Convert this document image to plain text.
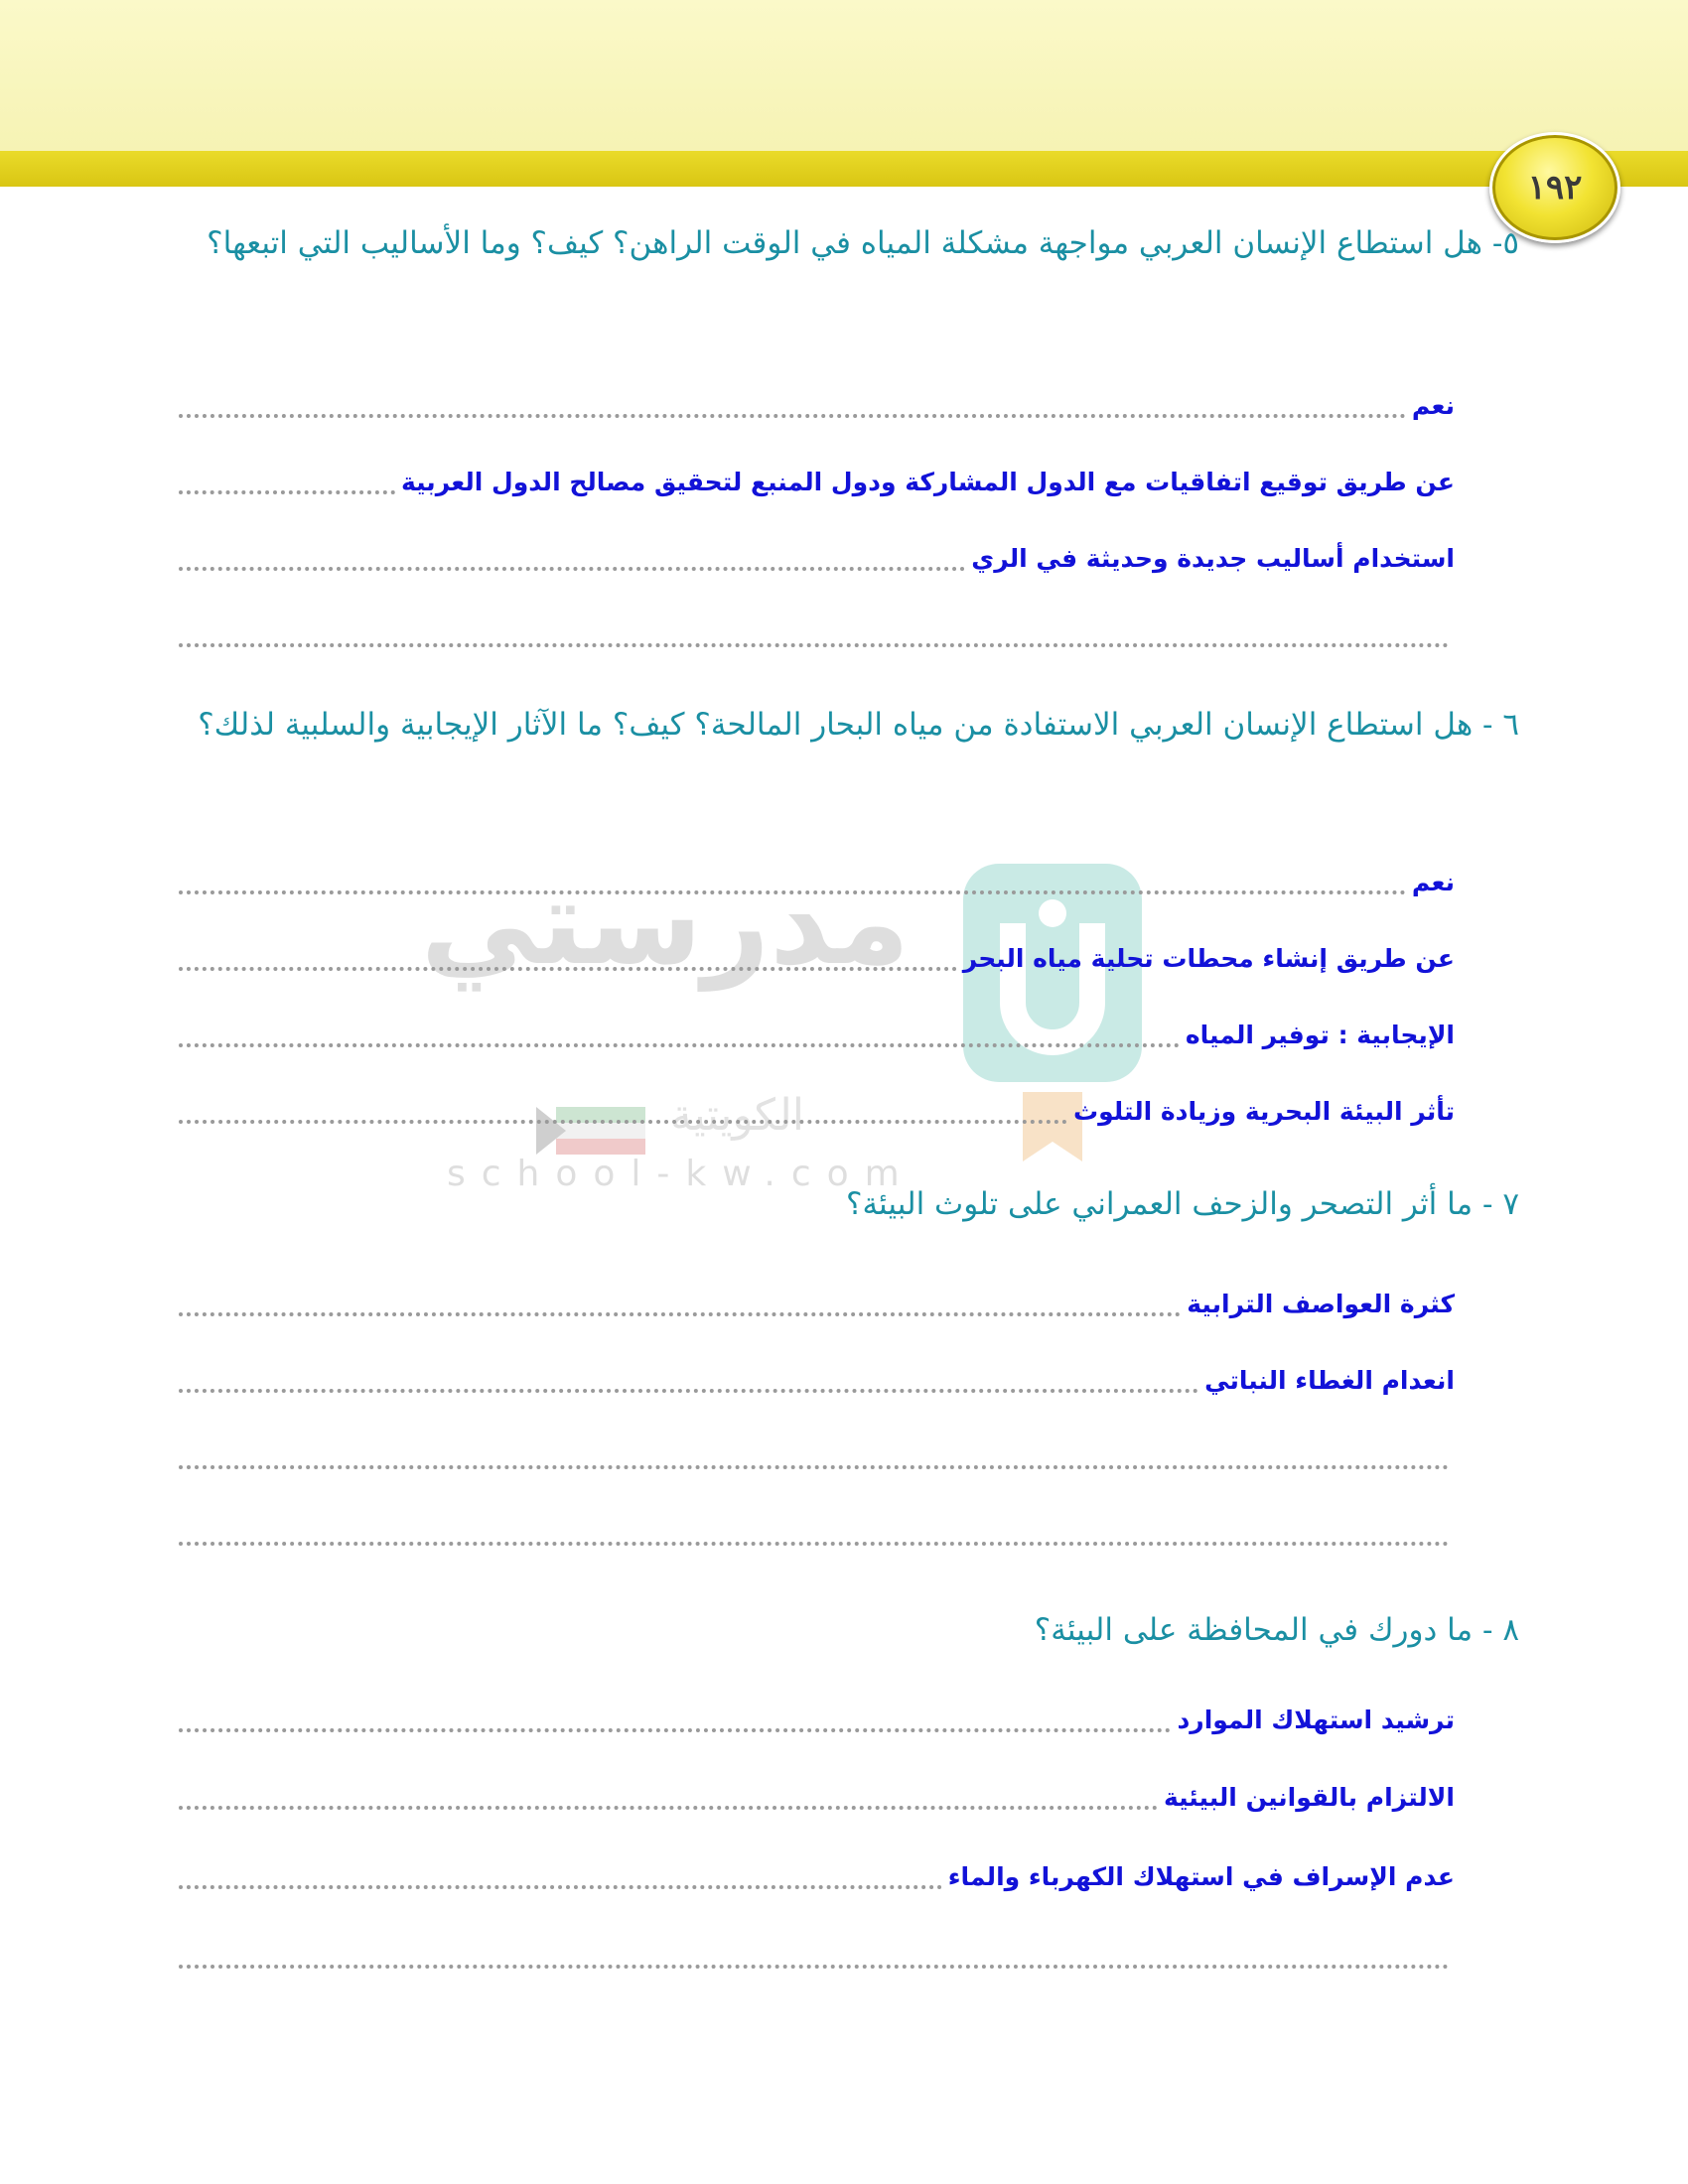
١٩٢
مدرستي
الكويتية
school-kw.com
٥- هل استطاع الإنسان العربي مواجهة مشكلة المياه في الوقت الراهن؟ كيف؟ وما الأساليب التي اتبعها؟
نعم
عن طريق توقيع اتفاقيات مع الدول المشاركة ودول المنبع لتحقيق مصالح الدول العربية
استخدام أساليب جديدة وحديثة في الري
٦ - هل استطاع الإنسان العربي الاستفادة من مياه البحار المالحة؟ كيف؟ ما الآثار الإيجابية والسلبية لذلك؟
نعم
عن طريق إنشاء محطات تحلية مياه البحر
الإيجابية : توفير المياه
تأثر البيئة البحرية وزيادة التلوث
٧ - ما أثر التصحر والزحف العمراني على تلوث البيئة؟
كثرة العواصف الترابية
انعدام الغطاء النباتي
٨ - ما دورك في المحافظة على البيئة؟
ترشيد استهلاك الموارد
الالتزام بالقوانين البيئية
عدم الإسراف في استهلاك الكهرباء والماء
